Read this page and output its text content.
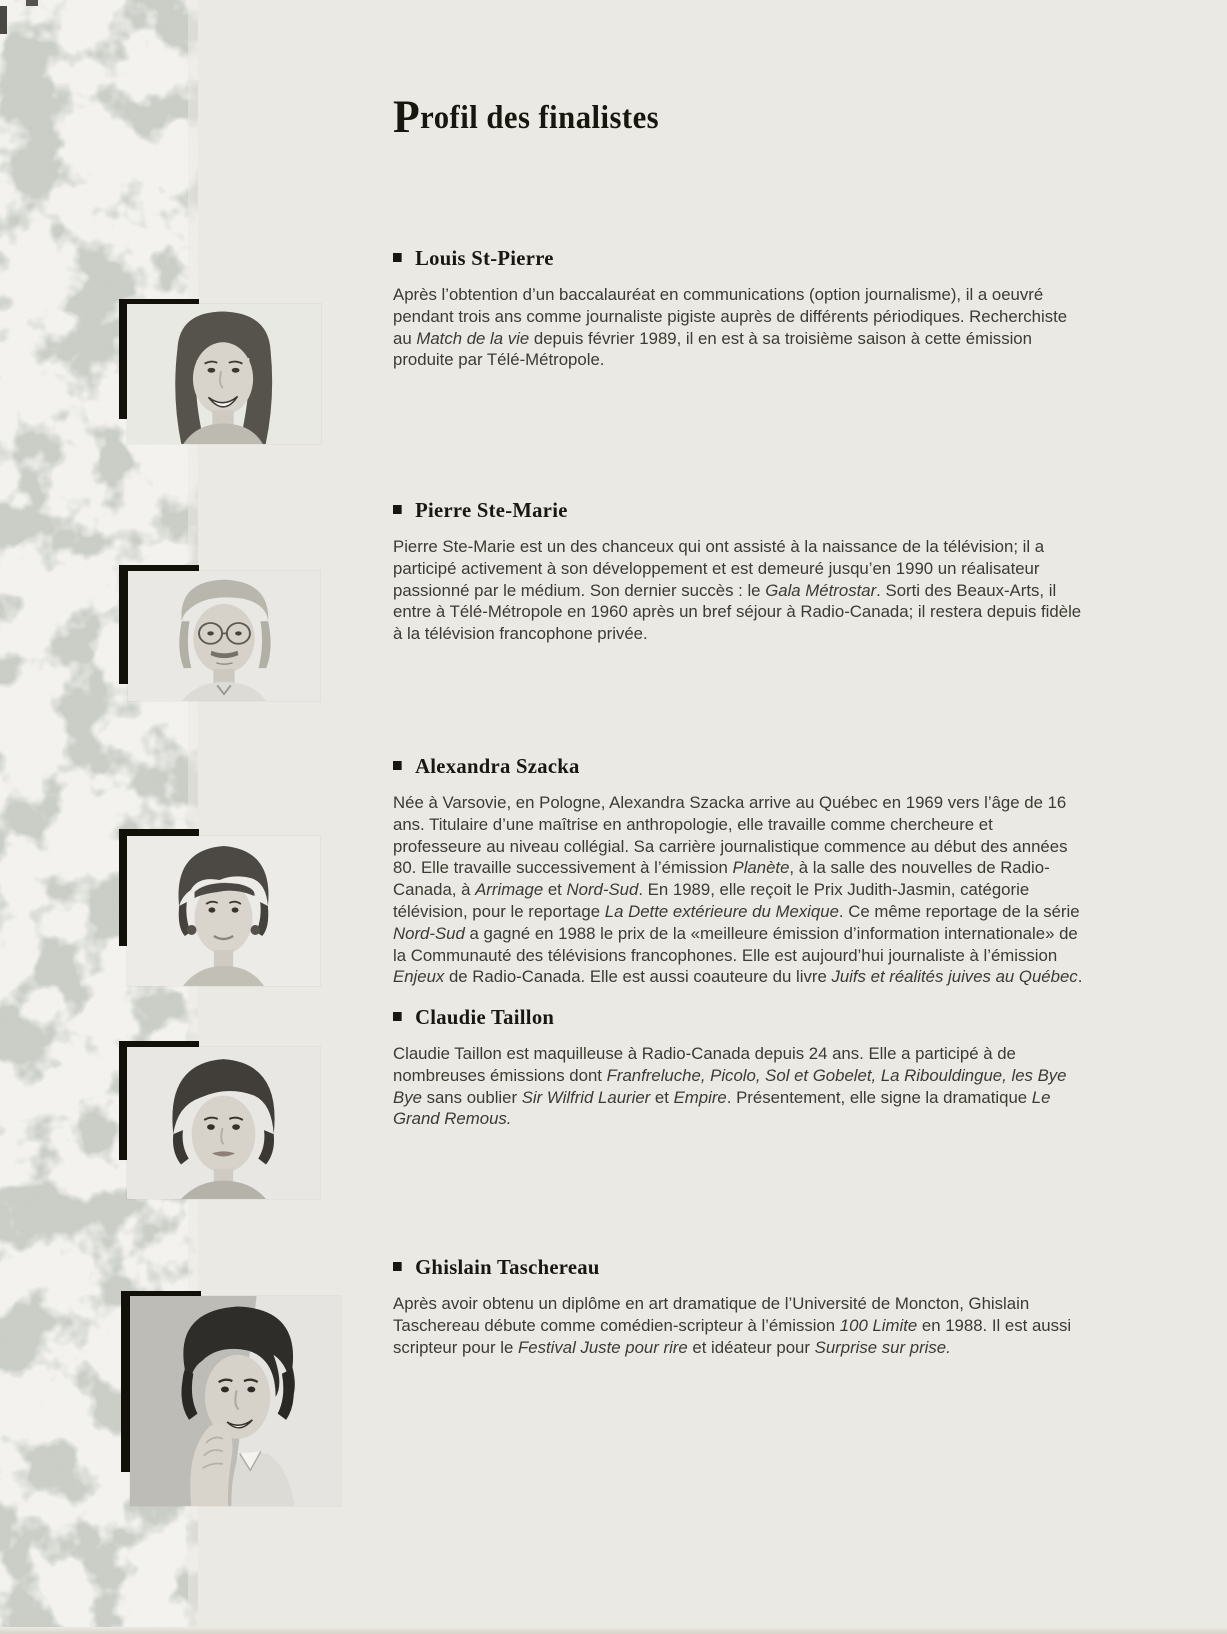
Profil des finalistes
Louis St-Pierre

Après l’obtention d’un baccalauréat en communications (option journalisme), il a oeuvré pendant trois ans comme journaliste pigiste auprès de différents périodiques. Recherchiste au Match de la vie depuis février 1989, il en est à sa troisième saison à cette émission produite par Télé-Métropole.

Pierre Ste-Marie

Pierre Ste-Marie est un des chanceux qui ont assisté à la naissance de la télévision; il a participé activement à son développement et est demeuré jusqu’en 1990 un réalisateur passionné par le médium. Son dernier succès : le Gala Métrostar. Sorti des Beaux-Arts, il entre à Télé-Métropole en 1960 après un bref séjour à Radio-Canada; il restera depuis fidèle à la télévision francophone privée.

Alexandra Szacka

Née à Varsovie, en Pologne, Alexandra Szacka arrive au Québec en 1969 vers l’âge de 16 ans. Titulaire d’une maîtrise en anthropologie, elle travaille comme chercheure et professeure au niveau collégial. Sa carrière journalistique commence au début des années 80. Elle travaille successivement à l’émission Planète, à la salle des nouvelles de Radio-Canada, à Arrimage et Nord-Sud. En 1989, elle reçoit le Prix Judith-Jasmin, catégorie télévision, pour le reportage La Dette extérieure du Mexique. Ce même reportage de la série Nord-Sud a gagné en 1988 le prix de la «meilleure émission d’information internationale» de la Communauté des télévisions francophones. Elle est aujourd’hui journaliste à l’émission Enjeux de Radio-Canada. Elle est aussi coauteure du livre Juifs et réalités juives au Québec.

Claudie Taillon

Claudie Taillon est maquilleuse à Radio-Canada depuis 24 ans. Elle a participé à de nombreuses émissions dont Franfreluche, Picolo, Sol et Gobelet, La Ribouldingue, les Bye Bye sans oublier Sir Wilfrid Laurier et Empire. Présentement, elle signe la dramatique Le Grand Remous.

Ghislain Taschereau

Après avoir obtenu un diplôme en art dramatique de l’Université de Moncton, Ghislain Taschereau débute comme comédien-scripteur à l’émission 100 Limite en 1988. Il est aussi scripteur pour le Festival Juste pour rire et idéateur pour Surprise sur prise.
